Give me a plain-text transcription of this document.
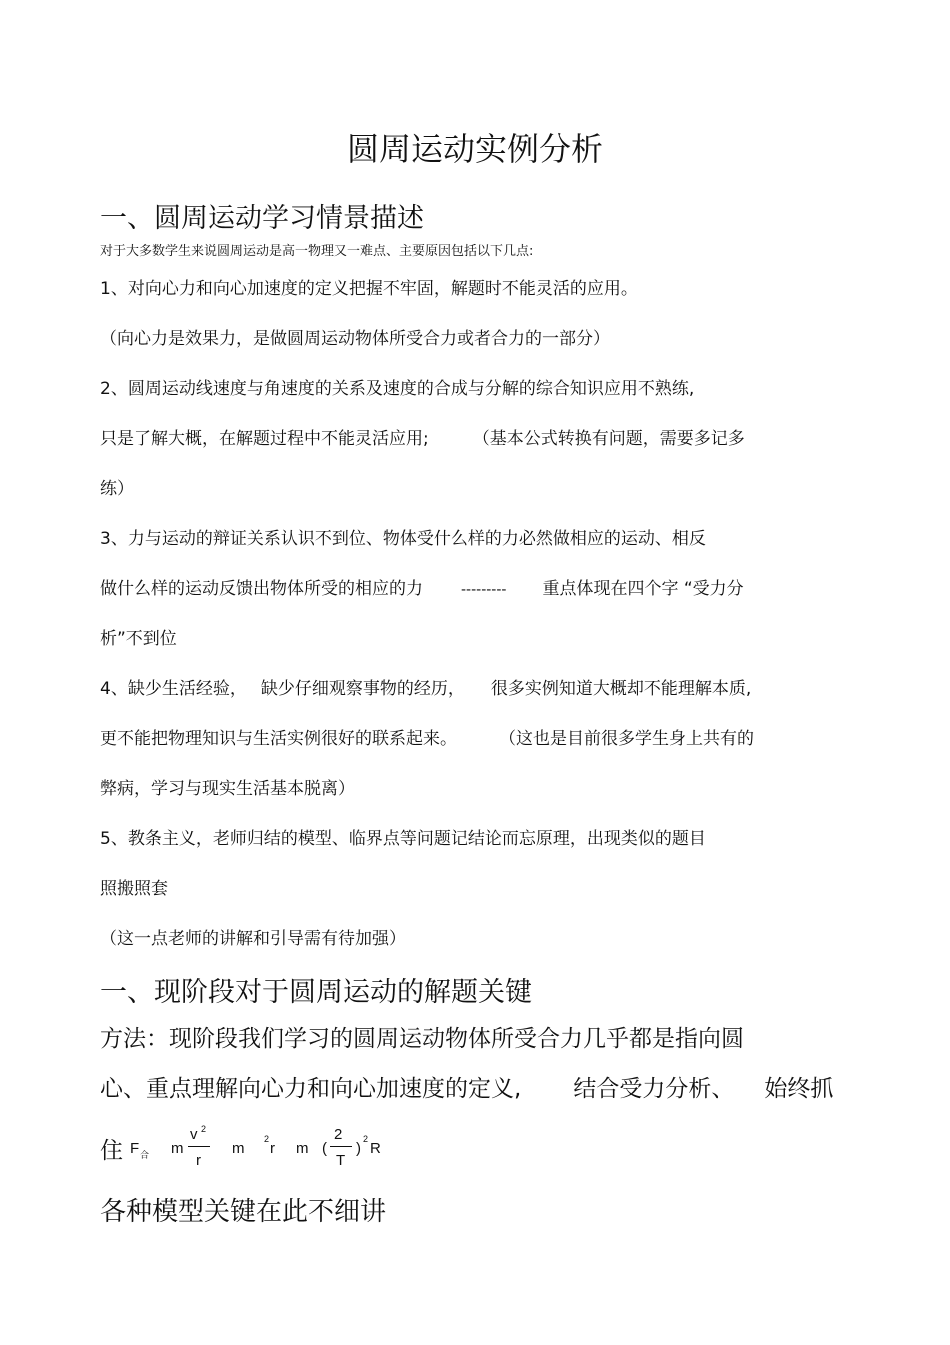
圆周运动实例分析
一、圆周运动学习情景描述
对于大多数学生来说圆周运动是高一物理又一难点、主要原因包括以下几点:
1、对向心力和向心加速度的定义把握不牢固，解题时不能灵活的应用。
（向心力是效果力，是做圆周运动物体所受合力或者合力的一部分）
2、圆周运动线速度与角速度的关系及速度的合成与分解的综合知识应用不熟练,
只是了解大概，在解题过程中不能灵活应用;	（基本公式转换有问题，需要多记多
练）
3、力与运动的辩证关系认识不到位、物体受什么样的力必然做相应的运动、相反
做什么样的运动反馈出物体所受的相应的力	--------- 重点体现在四个字 “受力分
析”不到位
4、缺少生活经验， 缺少仔细观察事物的经历， 很多实例知道大概却不能理解本质,
更不能把物理知识与生活实例很好的联系起来。 （这也是目前很多学生身上共有的
弊病，学习与现实生活基本脱离）
5、教条主义，老师归结的模型、临界点等问题记结论而忘原理，出现类似的题目
照搬照套
（这一点老师的讲解和引导需有待加强）
一、现阶段对于圆周运动的解题关键
方法：现阶段我们学习的圆周运动物体所受合力几乎都是指向圆
心、重点理解向心力和向心加速度的定义, 结合受力分析、 始终抓
住 F 合 m
v 2
r
m
2
r m (
2
T
)
2
R
各种模型关键在此不细讲
